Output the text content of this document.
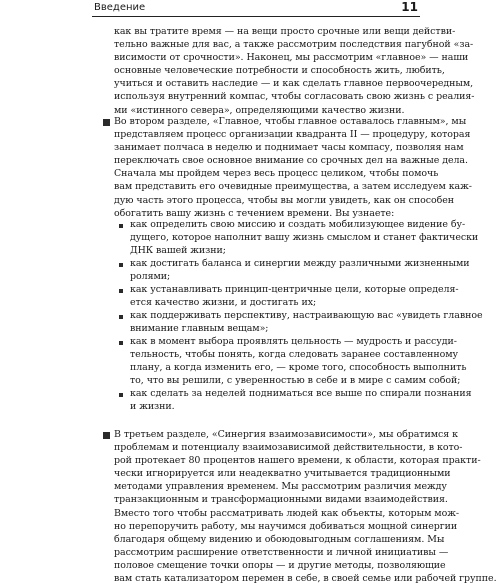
Введение	11
как вы тратите время — на вещи просто срочные или вещи действи-
тельно важные для вас, а также рассмотрим последствия пагубной «за-
висимости от срочности». Наконец, мы рассмотрим «главное» — наши
основные человеческие потребности и способность жить, любить,
учиться и оставить наследие — и как сделать главное первоочередным,
используя внутренний компас, чтобы согласовать свою жизнь с реалия-
ми «истинного севера», определяющими качество жизни.
Во втором разделе, «Главное, чтобы главное оставалось главным», мы
представляем процесс организации квадранта II — процедуру, которая
занимает полчаса в неделю и поднимает часы компасу, позволяя нам
переключать свое основное внимание со срочных дел на важные дела.
Сначала мы пройдем через весь процесс целиком, чтобы помочь
вам представить его очевидные преимущества, а затем исследуем каж-
дую часть этого процесса, чтобы вы могли увидеть, как он способен
обогатить вашу жизнь с течением времени. Вы узнаете:
как определить свою миссию и создать мобилизующее видение бу-
дущего, которое наполнит вашу жизнь смыслом и станет фактически
ДНК вашей жизни;
как достигать баланса и синергии между различными жизненными
ролями;
как устанавливать принцип-центричные цели, которые определя-
ется качество жизни, и достигать их;
как поддерживать перспективу, настраивающую вас «увидеть главное
внимание главным вещам»;
как в момент выбора проявлять цельность — мудрость и рассуди-
тельность, чтобы понять, когда следовать заранее составленному
плану, а когда изменить его, — кроме того, способность выполнить
то, что вы решили, с уверенностью в себе и в мире с самим собой;
как сделать за неделей подниматься все выше по спирали познания
и жизни.
В третьем разделе, «Синергия взаимозависимости», мы обратимся к
проблемам и потенциалу взаимозависимой действительности, в кото-
рой протекает 80 процентов нашего времени, к области, которая практи-
чески игнорируется или неадекватно учитывается традиционными
методами управления временем. Мы рассмотрим различия между
транзакционным и трансформационными видами взаимодействия.
Вместо того чтобы рассматривать людей как объекты, которым мож-
но перепоручить работу, мы научимся добиваться мощной синергии
благодаря общему видению и обоюдовыгодным соглашениям. Мы
рассмотрим расширение ответственности и личной инициативы —
половое смещение точки опоры — и другие методы, позволяющие
вам стать катализатором перемен в себе, в своей семье или рабочей группе.
